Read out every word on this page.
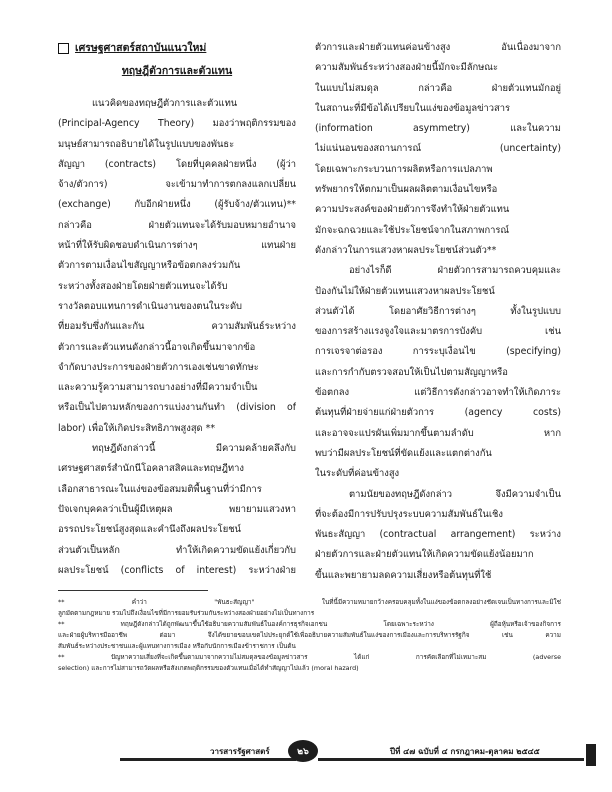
เศรษฐศาสตร์สถาบันแนวใหม่
ทฤษฎีตัวการและตัวแทน
แนวคิดของทฤษฎีตัวการและตัวแทน
(Principal-Agency Theory) มองว่าพฤติกรรมของ
มนุษย์สามารถอธิบายได้ในรูปแบบของพันธะ
สัญญา (contracts) โดยที่บุคคลฝ่ายหนึ่ง (ผู้ว่า
จ้าง/ตัวการ) จะเข้ามาทำการตกลงแลกเปลี่ยน
(exchange) กับอีกฝ่ายหนึ่ง (ผู้รับจ้าง/ตัวแทน)**
กล่าวคือ ฝ่ายตัวแทนจะได้รับมอบหมายอำนาจ
หน้าที่ให้รับผิดชอบดำเนินการต่างๆ แทนฝ่าย
ตัวการตามเงื่อนไขสัญญาหรือข้อตกลงร่วมกัน
ระหว่างทั้งสองฝ่ายโดยฝ่ายตัวแทนจะได้รับ
รางวัลตอบแทนการดำเนินงานของตนในระดับ
ที่ยอมรับซึ่งกันและกัน ความสัมพันธ์ระหว่าง
ตัวการและตัวแทนดังกล่าวนี้อาจเกิดขึ้นมาจากข้อ
จำกัดบางประการของฝ่ายตัวการเองเช่นขาดทักษะ
และความรู้ความสามารถบางอย่างที่มีความจำเป็น
หรือเป็นไปตามหลักของการแบ่งงานกันทำ (division of
labor) เพื่อให้เกิดประสิทธิภาพสูงสุด **
ทฤษฎีดังกล่าวนี้ มีความคล้ายคลึงกับ
เศรษฐศาสตร์สำนักนีโอคลาสสิคและทฤษฎีทาง
เลือกสาธารณะในแง่ของข้อสมมติพื้นฐานที่ว่ามีการ
ปัจเจกบุคคลว่าเป็นผู้มีเหตุผล พยายามแสวงหา
อรรถประโยชน์สูงสุดและคำนึงถึงผลประโยชน์
ส่วนตัวเป็นหลัก ทำให้เกิดความขัดแย้งเกี่ยวกับ
ผลประโยชน์ (conflicts of interest) ระหว่างฝ่าย
ตัวการและฝ่ายตัวแทนค่อนข้างสูง อันเนื่องมาจาก
ความสัมพันธ์ระหว่างสองฝ่ายนี้มักจะมีลักษณะ
ในแบบไม่สมดุล กล่าวคือ ฝ่ายตัวแทนมักอยู่
ในสถานะที่มีข้อได้เปรียบในแง่ของข้อมูลข่าวสาร
(information asymmetry) และในความ
ไม่แน่นอนของสถานการณ์ (uncertainty)
โดยเฉพาะกระบวนการผลิตหรือการแปลภาพ
ทรัพยากรให้ตกมาเป็นผลผลิตตามเงื่อนไขหรือ
ความประสงค์ของฝ่ายตัวการจึงทำให้ฝ่ายตัวแทน
มักจะฉกฉวยและใช้ประโยชน์จากในสภาพการณ์
ดังกล่าวในการแสวงหาผลประโยชน์ส่วนตัว**
อย่างไรก็ดี ฝ่ายตัวการสามารถควบคุมและ
ป้องกันไม่ให้ฝ่ายตัวแทนแสวงหาผลประโยชน์
ส่วนตัวได้ โดยอาศัยวิธีการต่างๆ ทั้งในรูปแบบ
ของการสร้างแรงจูงใจและมาตรการบังคับ เช่น
การเจรจาต่อรอง การระบุเงื่อนไข (specifying)
และการกำกับตรวจสอบให้เป็นไปตามสัญญาหรือ
ข้อตกลง แต่วิธีการดังกล่าวอาจทำให้เกิดภาระ
ต้นทุนที่ฝ่ายจ่ายแก่ฝ่ายตัวการ (agency costs)
และอาจจะแปรผันเพิ่มมากขึ้นตามลำดับ หาก
พบว่ามีผลประโยชน์ที่ขัดแย้งและแตกต่างกัน
ในระดับที่ค่อนข้างสูง
ตามนัยของทฤษฎีดังกล่าว จึงมีความจำเป็น
ที่จะต้องมีการปรับปรุงระบบความสัมพันธ์ในเชิง
พันธะสัญญา (contractual arrangement) ระหว่าง
ฝ่ายตัวการและฝ่ายตัวแทนให้เกิดความขัดแย้งน้อยมาก
ขึ้นและพยายามลดความเสี่ยงหรือต้นทุนที่ใช้
** คำว่า "พันธะสัญญา" ในที่นี้มีความหมายกว้างครอบคลุมทั้งในแง่ของข้อตกลงอย่างชัดเจนเป็นทางการและมิใช่
ลูกมัดตามกฎหมาย รวมไปถึงเงื่อนไขที่มีการยอมรับร่วมกันระหว่างสองฝ่ายอย่างไม่เป็นทางการ
** ทฤษฎีดังกล่าวได้ถูกพัฒนาขึ้นใช้อธิบายความสัมพันธ์ในองค์การธุรกิจเอกชน โดยเฉพาะระหว่าง ผู้ถือหุ้นหรือเจ้าของกิจการ
และฝ่ายผู้บริหารมืออาชีพ ต่อมา จึงได้ขยายขอบเขตไปประยุกต์ใช้เพื่ออธิบายความสัมพันธ์ในแง่ของการเมืองและการบริหารรัฐกิจ เช่น ความ
สัมพันธ์ระหว่างประชาชนและผู้แทนทางการเมือง หรือกับนักการเมืองข้าราชการ เป็นต้น
** ปัญหาความเสี่ยงที่จะเกิดขึ้นตามมาจากความไม่สมดุลของข้อมูลข่าวสาร ได้แก่ การคัดเลือกที่ไม่เหมาะสม (adverse
selection) และการไม่สามารถวัดผลหรือสังเกตพฤติกรรมของตัวแทนเมื่อได้ทำสัญญาไปแล้ว (moral hazard)
วารสารรัฐศาสตร์	๒๖	ปีที่ ๔๗ ฉบับที่ ๔ กรกฎาคม-ตุลาคม ๒๕๔๕
